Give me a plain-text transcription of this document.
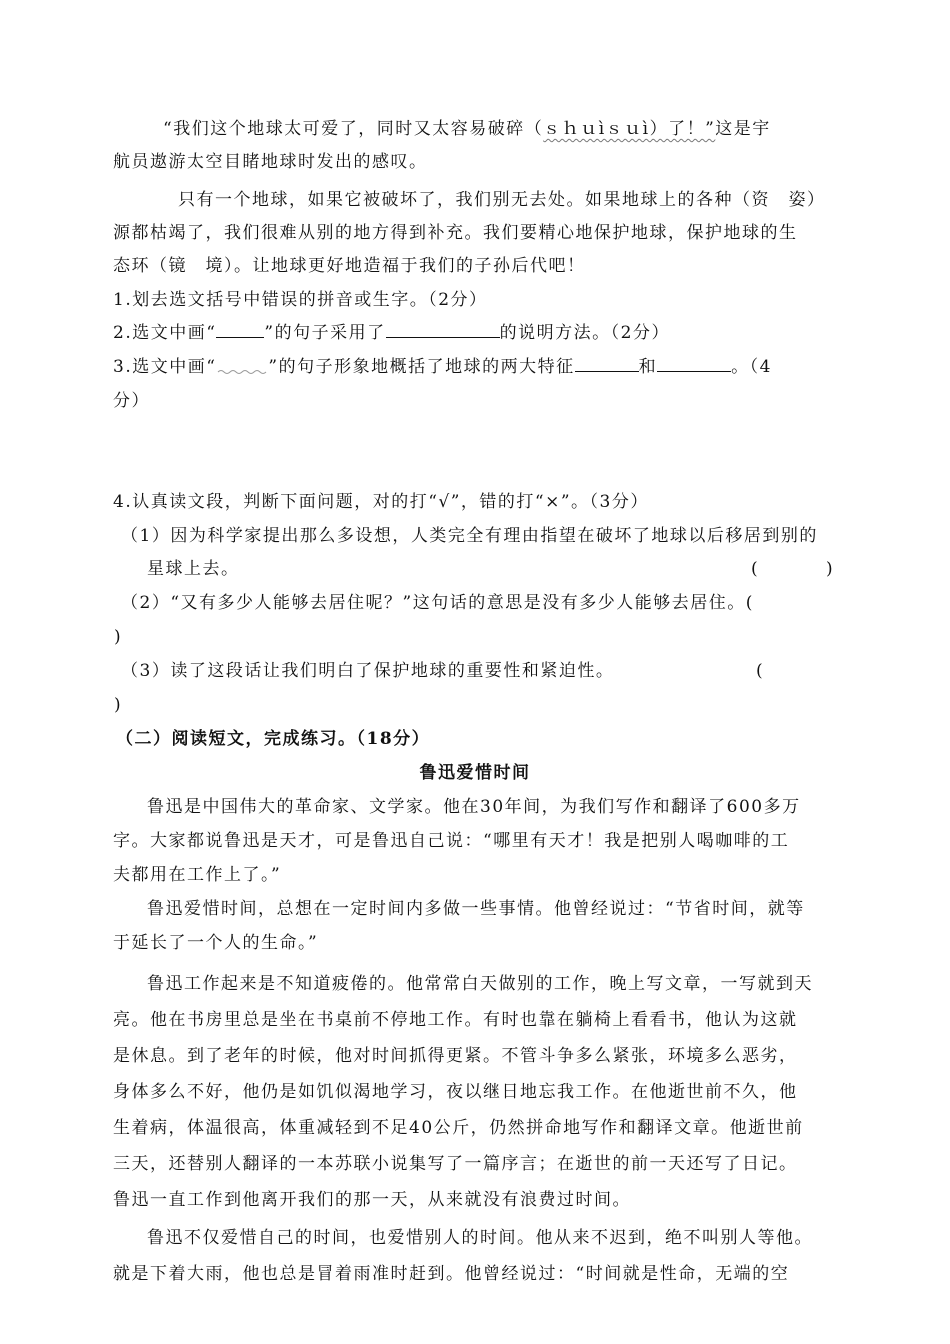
“我们这个地球太可爱了，同时又太容易破碎（ｓｈｕìｓｕì）了！”这是宇
航员遨游太空目睹地球时发出的感叹。
只有一个地球，如果它被破坏了，我们别无去处。如果地球上的各种（资　姿）
源都枯竭了，我们很难从别的地方得到补充。我们要精心地保护地球，保护地球的生
态环（镜　境）。让地球更好地造福于我们的子孙后代吧！
1.划去选文括号中错误的拼音或生字。（2分）
2.选文中画“	”的句子采用了	的说明方法。（2分）
3.选文中画“	”的句子形象地概括了地球的两大特征	和	。（4
分）
4.认真读文段，判断下面问题，对的打“√”，错的打“×”。（3分）
（1）因为科学家提出那么多设想，人类完全有理由指望在破坏了地球以后移居到别的
星球上去。	(	)
（2）“又有多少人能够去居住呢？”这句话的意思是没有多少人能够去居住。(
)
（3）读了这段话让我们明白了保护地球的重要性和紧迫性。	(
)
（二）阅读短文，完成练习。（18分）
鲁迅爱惜时间
鲁迅是中国伟大的革命家、文学家。他在30年间，为我们写作和翻译了600多万
字。大家都说鲁迅是天才，可是鲁迅自己说：“哪里有天才！我是把别人喝咖啡的工
夫都用在工作上了。”
鲁迅爱惜时间，总想在一定时间内多做一些事情。他曾经说过：“节省时间，就等
于延长了一个人的生命。”
鲁迅工作起来是不知道疲倦的。他常常白天做别的工作，晚上写文章，一写就到天
亮。他在书房里总是坐在书桌前不停地工作。有时也靠在躺椅上看看书，他认为这就
是休息。到了老年的时候，他对时间抓得更紧。不管斗争多么紧张，环境多么恶劣，
身体多么不好，他仍是如饥似渴地学习，夜以继日地忘我工作。在他逝世前不久，他
生着病，体温很高，体重减轻到不足40公斤，仍然拼命地写作和翻译文章。他逝世前
三天，还替别人翻译的一本苏联小说集写了一篇序言；在逝世的前一天还写了日记。
鲁迅一直工作到他离开我们的那一天，从来就没有浪费过时间。
鲁迅不仅爱惜自己的时间，也爱惜别人的时间。他从来不迟到，绝不叫别人等他。
就是下着大雨，他也总是冒着雨准时赶到。他曾经说过：“时间就是性命，无端的空
